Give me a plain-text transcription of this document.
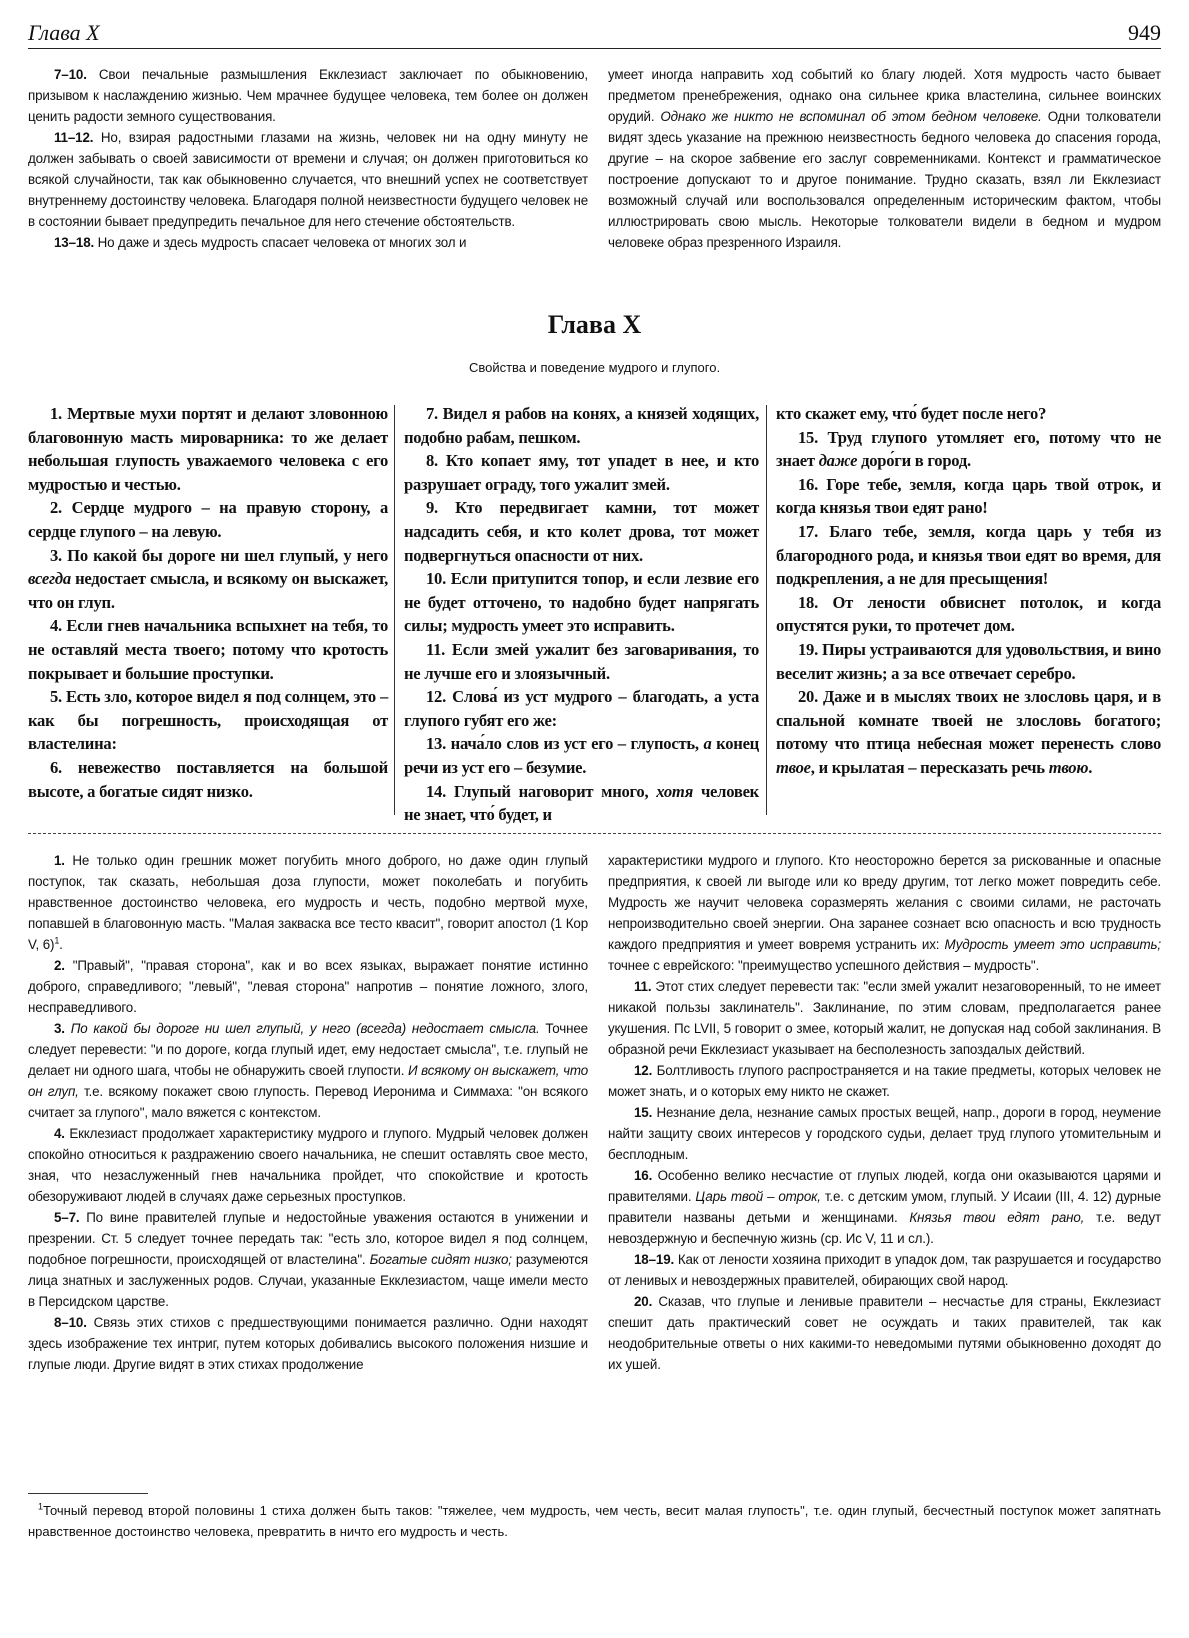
Глава X	949

7–10. Свои печальные размышления Екклезиаст заключает по обыкновению, призывом к наслаждению жизнью. Чем мрачнее будущее человека, тем более он должен ценить радости земного существования.

11–12. Но, взирая радостными глазами на жизнь, человек ни на одну минуту не должен забывать о своей зависимости от времени и случая; он должен приготовиться ко всякой случайности, так как обыкновенно случается, что внешний успех не соответствует внутреннему достоинству человека. Благодаря полной неизвестности будущего человек не в состоянии бывает предупредить печальное для него стечение обстоятельств.

13–18. Но даже и здесь мудрость спасает человека от многих зол и

умеет иногда направить ход событий ко благу людей. Хотя мудрость часто бывает предметом пренебрежения, однако она сильнее крика властелина, сильнее воинских орудий. Однако же никто не вспоминал об этом бедном человеке. Одни толкователи видят здесь указание на прежнюю неизвестность бедного человека до спасения города, другие – на скорое забвение его заслуг современниками. Контекст и грамматическое построение допускают то и другое понимание. Трудно сказать, взял ли Екклезиаст возможный случай или воспользовался определенным историческим фактом, чтобы иллюстрировать свою мысль. Некоторые толкователи видели в бедном и мудром человеке образ презренного Израиля.

Глава X
Свойства и поведение мудрого и глупого.

1. Мертвые мухи портят и делают зловонною благовонную масть мироварника: то же делает небольшая глупость уважаемого человека с его мудростью и честью.

2. Сердце мудрого – на правую сторону, а сердце глупого – на левую.

3. По какой бы дороге ни шел глупый, у него всегда недостает смысла, и всякому он выскажет, что он глуп.

4. Если гнев начальника вспыхнет на тебя, то не оставляй места твоего; потому что кротость покрывает и большие проступки.

5. Есть зло, которое видел я под солнцем, это – как бы погрешность, происходящая от властелина:

6. невежество поставляется на большой высоте, а богатые сидят низко.

7. Видел я рабов на конях, а князей ходящих, подобно рабам, пешком.

8. Кто копает яму, тот упадет в нее, и кто разрушает ограду, того ужалит змей.

9. Кто передвигает камни, тот может надсадить себя, и кто колет дрова, тот может подвергнуться опасности от них.

10. Если притупится топор, и если лезвие его не будет отточено, то надобно будет напрягать силы; мудрость умеет это исправить.

11. Если змей ужалит без заговаривания, то не лучше его и злоязычный.

12. Слова́ из уст мудрого – благодать, а уста глупого губят его же:

13. нача́ло слов из уст его – глупость, а конец речи из уст его – безумие.

14. Глупый наговорит много, хотя человек не знает, что́ будет, и

кто скажет ему, что́ будет после него?

15. Труд глупого утомляет его, потому что не знает даже доро́ги в город.

16. Горе тебе, земля, когда царь твой отрок, и когда князья твои едят рано!

17. Благо тебе, земля, когда царь у тебя из благородного рода, и князья твои едят во время, для подкрепления, а не для пресыщения!

18. От лености обвиснет потолок, и когда опустятся руки, то протечет дом.

19. Пиры устраиваются для удовольствия, и вино веселит жизнь; а за все отвечает серебро.

20. Даже и в мыслях твоих не злословь царя, и в спальной комнате твоей не злословь богатого; потому что птица небесная может перенесть слово твое, и крылатая – пересказать речь твою.

1. Не только один грешник может погубить много доброго, но даже один глупый поступок, так сказать, небольшая доза глупости, может поколебать и погубить нравственное достоинство человека, его мудрость и честь, подобно мертвой мухе, попавшей в благовонную масть. "Малая закваска все тесто квасит", говорит апостол (1 Кор V, 6)$^1$.

2. "Правый", "правая сторона", как и во всех языках, выражает понятие истинно доброго, справедливого; "левый", "левая сторона" напротив – понятие ложного, злого, несправедливого.

3. По какой бы дороге ни шел глупый, у него (всегда) недостает смысла. Точнее следует перевести: "и по дороге, когда глупый идет, ему недостает смысла", т.е. глупый не делает ни одного шага, чтобы не обнаружить своей глупости. И всякому он выскажет, что он глуп, т.е. всякому покажет свою глупость. Перевод Иеронима и Симмаха: "он всякого считает за глупого", мало вяжется с контекстом.

4. Екклезиаст продолжает характеристику мудрого и глупого. Мудрый человек должен спокойно относиться к раздражению своего начальника, не спешит оставлять свое место, зная, что незаслуженный гнев начальника пройдет, что спокойствие и кротость обезоруживают людей в случаях даже серьезных проступков.

5–7. По вине правителей глупые и недостойные уважения остаются в унижении и презрении. Ст. 5 следует точнее передать так: "есть зло, которое видел я под солнцем, подобное погрешности, происходящей от властелина". Богатые сидят низко; разумеются лица знатных и заслуженных родов. Случаи, указанные Екклезиастом, чаще имели место в Персидском царстве.

8–10. Связь этих стихов с предшествующими понимается различно. Одни находят здесь изображение тех интриг, путем которых добивались высокого положения низшие и глупые люди. Другие видят в этих стихах продолжение

характеристики мудрого и глупого. Кто неосторожно берется за рискованные и опасные предприятия, к своей ли выгоде или ко вреду другим, тот легко может повредить себе. Мудрость же научит человека соразмерять желания с своими силами, не расточать непроизводительно своей энергии. Она заранее сознает всю опасность и всю трудность каждого предприятия и умеет вовремя устранить их: Мудрость умеет это исправить; точнее с еврейского: "преимущество успешного действия – мудрость".

11. Этот стих следует перевести так: "если змей ужалит незаговоренный, то не имеет никакой пользы заклинатель". Заклинание, по этим словам, предполагается ранее укушения. Пс LVII, 5 говорит о змее, который жалит, не допуская над собой заклинания. В образной речи Екклезиаст указывает на бесполезность запоздалых действий.

12. Болтливость глупого распространяется и на такие предметы, которых человек не может знать, и о которых ему никто не скажет.

15. Незнание дела, незнание самых простых вещей, напр., дороги в город, неумение найти защиту своих интересов у городского судьи, делает труд глупого утомительным и бесплодным.

16. Особенно велико несчастие от глупых людей, когда они оказываются царями и правителями. Царь твой – отрок, т.е. с детским умом, глупый. У Исаии (III, 4. 12) дурные правители названы детьми и женщинами. Князья твои едят рано, т.е. ведут невоздержную и беспечную жизнь (ср. Ис V, 11 и сл.).

18–19. Как от лености хозяина приходит в упадок дом, так разрушается и государство от ленивых и невоздержных правителей, обирающих свой народ.

20. Сказав, что глупые и ленивые правители – несчастье для страны, Екклезиаст спешит дать практический совет не осуждать и таких правителей, так как неодобрительные ответы о них какими-то неведомыми путями обыкновенно доходят до их ушей.

$^1$Точный перевод второй половины 1 стиха должен быть таков: "тяжелее, чем мудрость, чем честь, весит малая глупость", т.е. один глупый, бесчестный поступок может запятнать нравственное достоинство человека, превратить в ничто его мудрость и честь.
